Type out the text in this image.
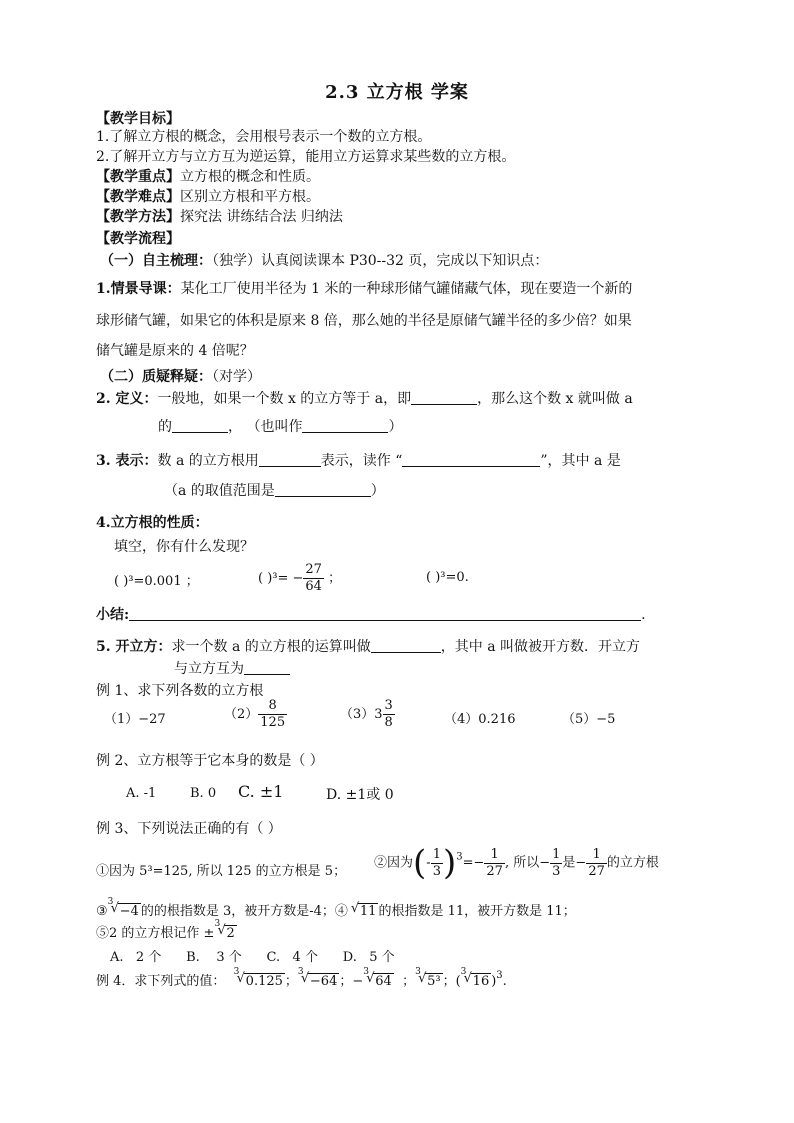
2.3 立方根 学案
【教学目标】
1.了解立方根的概念，会用根号表示一个数的立方根。
2.了解开立方与立方互为逆运算，能用立方运算求某些数的立方根。
【教学重点】立方根的概念和性质。
【教学难点】区别立方根和平方根。
【教学方法】探究法 讲练结合法 归纳法
【教学流程】
（一）自主梳理：（独学）认真阅读课本 P30--32 页，完成以下知识点：
1.情景导课：某化工厂使用半径为 1 米的一种球形储气罐储藏气体，现在要造一个新的
球形储气罐，如果它的体积是原来 8 倍，那么她的半径是原储气罐半径的多少倍？如果
储气罐是原来的 4 倍呢？
（二）质疑释疑：（对学）
2. 定义：一般地，如果一个数 x 的立方等于 a，即	，那么这个数 x 就叫做 a
的	， （也叫作	）
3. 表示：数 a 的立方根用	表示，读作 “	”，其中 a 是
（a 的取值范围是	）
4.立方根的性质：
填空，你有什么发现？
( )³=0.001 ；	( )$^3= - \frac{27}{64}$ ；	( )³=0.
小结:	.
5. 开立方：求一个数 a 的立方根的运算叫做	，其中 a 叫做被开方数．开立方
与立方互为
例 1、求下列各数的立方根
（1）−27	$(2) \frac{8}{125}$	$(3)3 \frac{3}{8}$	（4）0.216	（5）−5
例 2、立方根等于它本身的数是（ ）
A. -1	B. 0 C. ±1	D. ±1或 0
例 3、下列说法正确的有（ ）
①因为 5³=125, 所以 125 的立方根是 5；
②因为(- $\frac{1}{3} )^3=- \frac{1}{27}$ , 所以− $\frac{1}{3}$ 是− $\frac{1}{27}$ 的立方根
③
3
√ −4 的的根指数是 3，被开方数是-4；④ √ 11 的根指数是 11，被开方数是 11；
⑤2 的立方根记作 ±
3
√ 2
A.   2 个      B.    3 个      C.   4 个      D.   5 个
例 4．求下列式的值：
3
√ 0.125 ；
3
√ −64 ；−
3
√ 64 ；
3
√ 5³ ；(
3
√ 16 )$^3$.
